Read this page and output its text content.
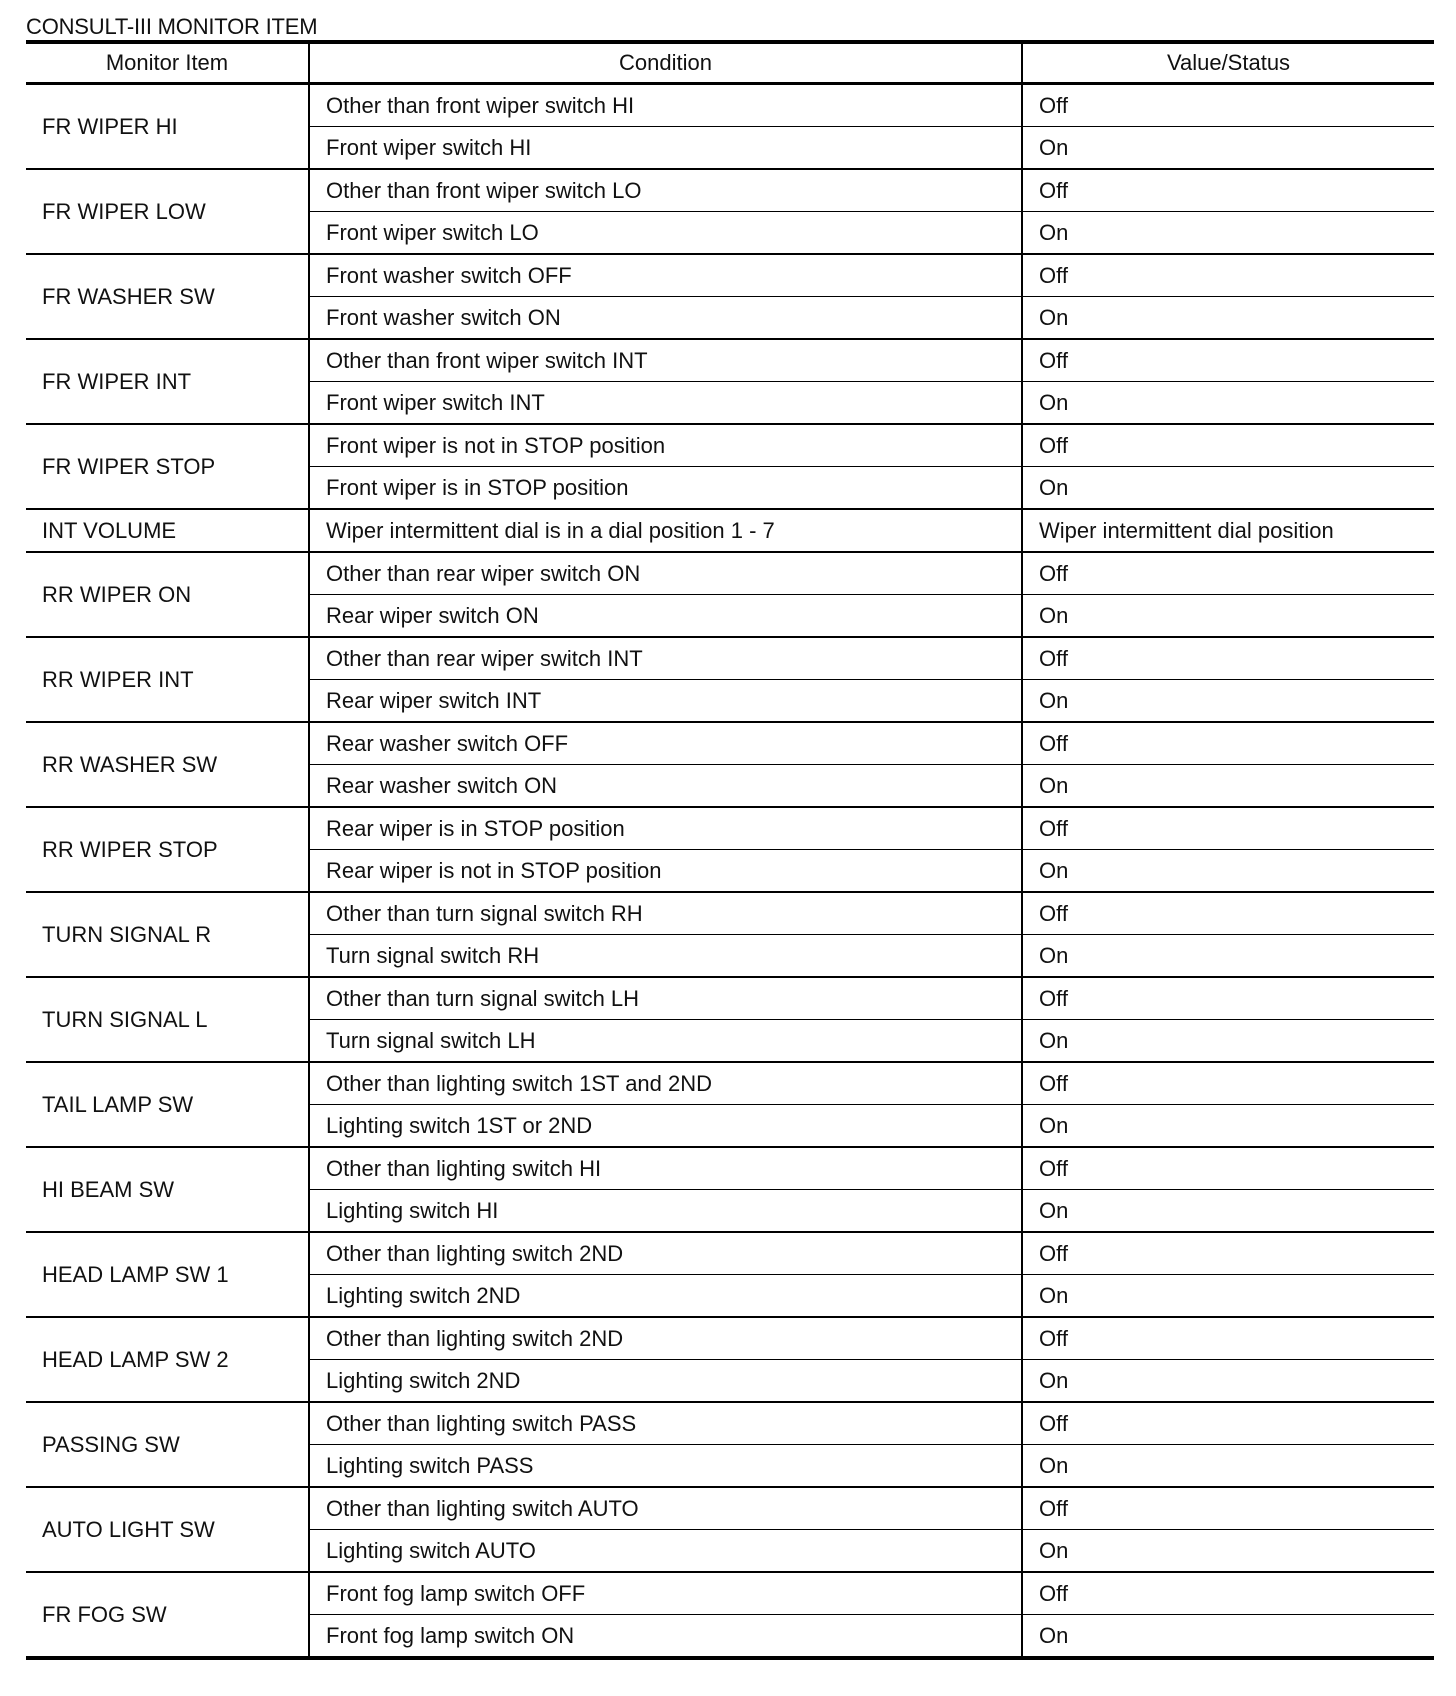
CONSULT-III MONITOR ITEM
Monitor Item	Condition	Value/Status
FR WIPER HI	Other than front wiper switch HI	Off
	Front wiper switch HI	On
FR WIPER LOW	Other than front wiper switch LO	Off
	Front wiper switch LO	On
FR WASHER SW	Front washer switch OFF	Off
	Front washer switch ON	On
FR WIPER INT	Other than front wiper switch INT	Off
	Front wiper switch INT	On
FR WIPER STOP	Front wiper is not in STOP position	Off
	Front wiper is in STOP position	On
INT VOLUME	Wiper intermittent dial is in a dial position 1 - 7	Wiper intermittent dial position
RR WIPER ON	Other than rear wiper switch ON	Off
	Rear wiper switch ON	On
RR WIPER INT	Other than rear wiper switch INT	Off
	Rear wiper switch INT	On
RR WASHER SW	Rear washer switch OFF	Off
	Rear washer switch ON	On
RR WIPER STOP	Rear wiper is in STOP position	Off
	Rear wiper is not in STOP position	On
TURN SIGNAL R	Other than turn signal switch RH	Off
	Turn signal switch RH	On
TURN SIGNAL L	Other than turn signal switch LH	Off
	Turn signal switch LH	On
TAIL LAMP SW	Other than lighting switch 1ST and 2ND	Off
	Lighting switch 1ST or 2ND	On
HI BEAM SW	Other than lighting switch HI	Off
	Lighting switch HI	On
HEAD LAMP SW 1	Other than lighting switch 2ND	Off
	Lighting switch 2ND	On
HEAD LAMP SW 2	Other than lighting switch 2ND	Off
	Lighting switch 2ND	On
PASSING SW	Other than lighting switch PASS	Off
	Lighting switch PASS	On
AUTO LIGHT SW	Other than lighting switch AUTO	Off
	Lighting switch AUTO	On
FR FOG SW	Front fog lamp switch OFF	Off
	Front fog lamp switch ON	On
